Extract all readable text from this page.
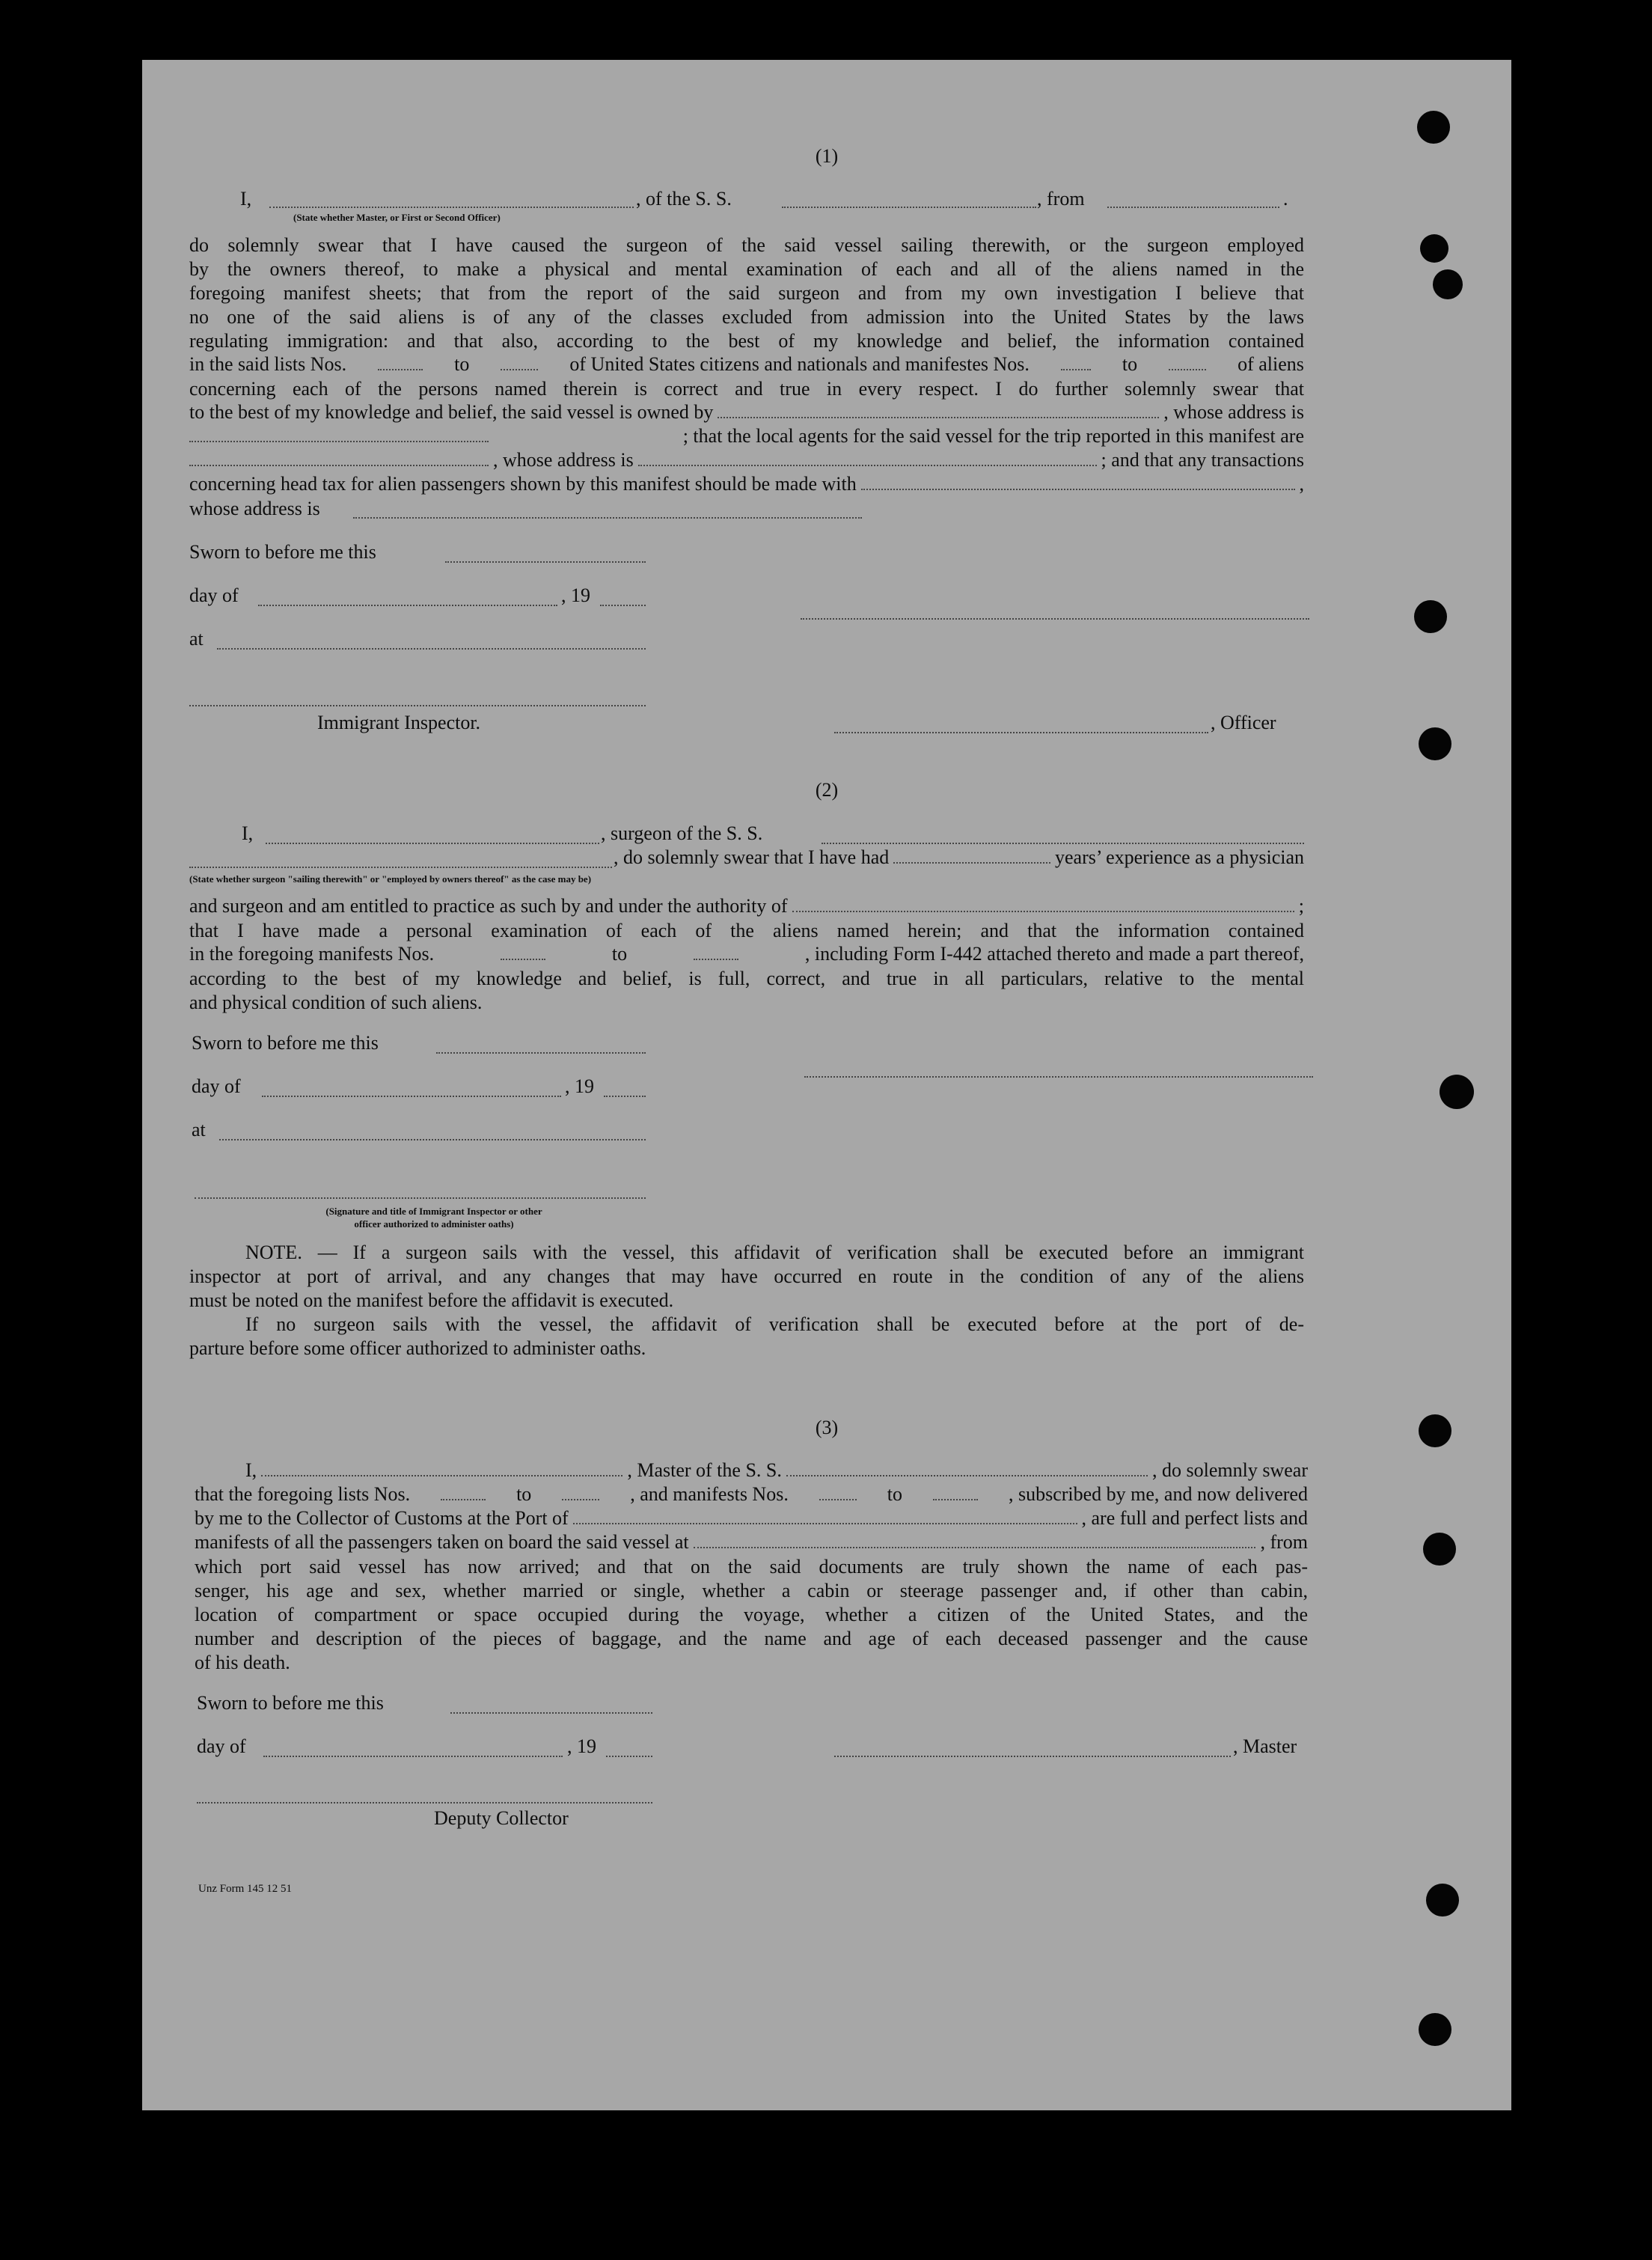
(1)
I,	, of the S. S.	, from	.
(State whether Master, or First or Second Officer)
do solemnly swear that I have caused the surgeon of the said vessel sailing therewith, or the surgeon employed
by the owners thereof, to make a physical and mental examination of each and all of the aliens named in the
foregoing manifest sheets; that from the report of the said surgeon and from my own investigation I believe that
no one of the said aliens is of any of the classes excluded from admission into the United States by the laws
regulating immigration: and that also, according to the best of my knowledge and belief, the information contained
in the said lists Nos.	to	of United States citizens and nationals and manifestes Nos.	to	of aliens
concerning each of the persons named therein is correct and true in every respect. I do further solemnly swear that
to the best of my knowledge and belief, the said vessel is owned by	, whose address is
; that the local agents for the said vessel for the trip reported in this manifest are
, whose address is	; and that any transactions
concerning head tax for alien passengers shown by this manifest should be made with	,
whose address is
Sworn to before me this
day of	, 19
at
Immigrant Inspector.	, Officer
(2)
I,	, surgeon of the S. S.
, do solemnly swear that I have had	years’ experience as a physician
(State whether surgeon "sailing therewith" or "employed by owners thereof" as the case may be)
and surgeon and am entitled to practice as such by and under the authority of	;
that I have made a personal examination of each of the aliens named herein; and that the information contained
in the foregoing manifests Nos.	to	, including Form I-442 attached thereto and made a part thereof,
according to the best of my knowledge and belief, is full, correct, and true in all particulars, relative to the mental
and physical condition of such aliens.
Sworn to before me this
day of	, 19
at
(Signature and title of Immigrant Inspector or other
officer authorized to administer oaths)
NOTE. — If a surgeon sails with the vessel, this affidavit of verification shall be executed before an immigrant
inspector at port of arrival, and any changes that may have occurred en route in the condition of any of the aliens
must be noted on the manifest before the affidavit is executed.
If no surgeon sails with the vessel, the affidavit of verification shall be executed before at the port of de-
parture before some officer authorized to administer oaths.
(3)
I,	, Master of the S. S.	, do solemnly swear
that the foregoing lists Nos.	to	, and manifests Nos.	to	, subscribed by me, and now delivered
by me to the Collector of Customs at the Port of	, are full and perfect lists and
manifests of all the passengers taken on board the said vessel at	, from
which port said vessel has now arrived; and that on the said documents are truly shown the name of each pas-
senger, his age and sex, whether married or single, whether a cabin or steerage passenger and, if other than cabin,
location of compartment or space occupied during the voyage, whether a citizen of the United States, and the
number and description of the pieces of baggage, and the name and age of each deceased passenger and the cause
of his death.
Sworn to before me this
day of	, 19	, Master
Deputy Collector
Unz Form 145 12 51
